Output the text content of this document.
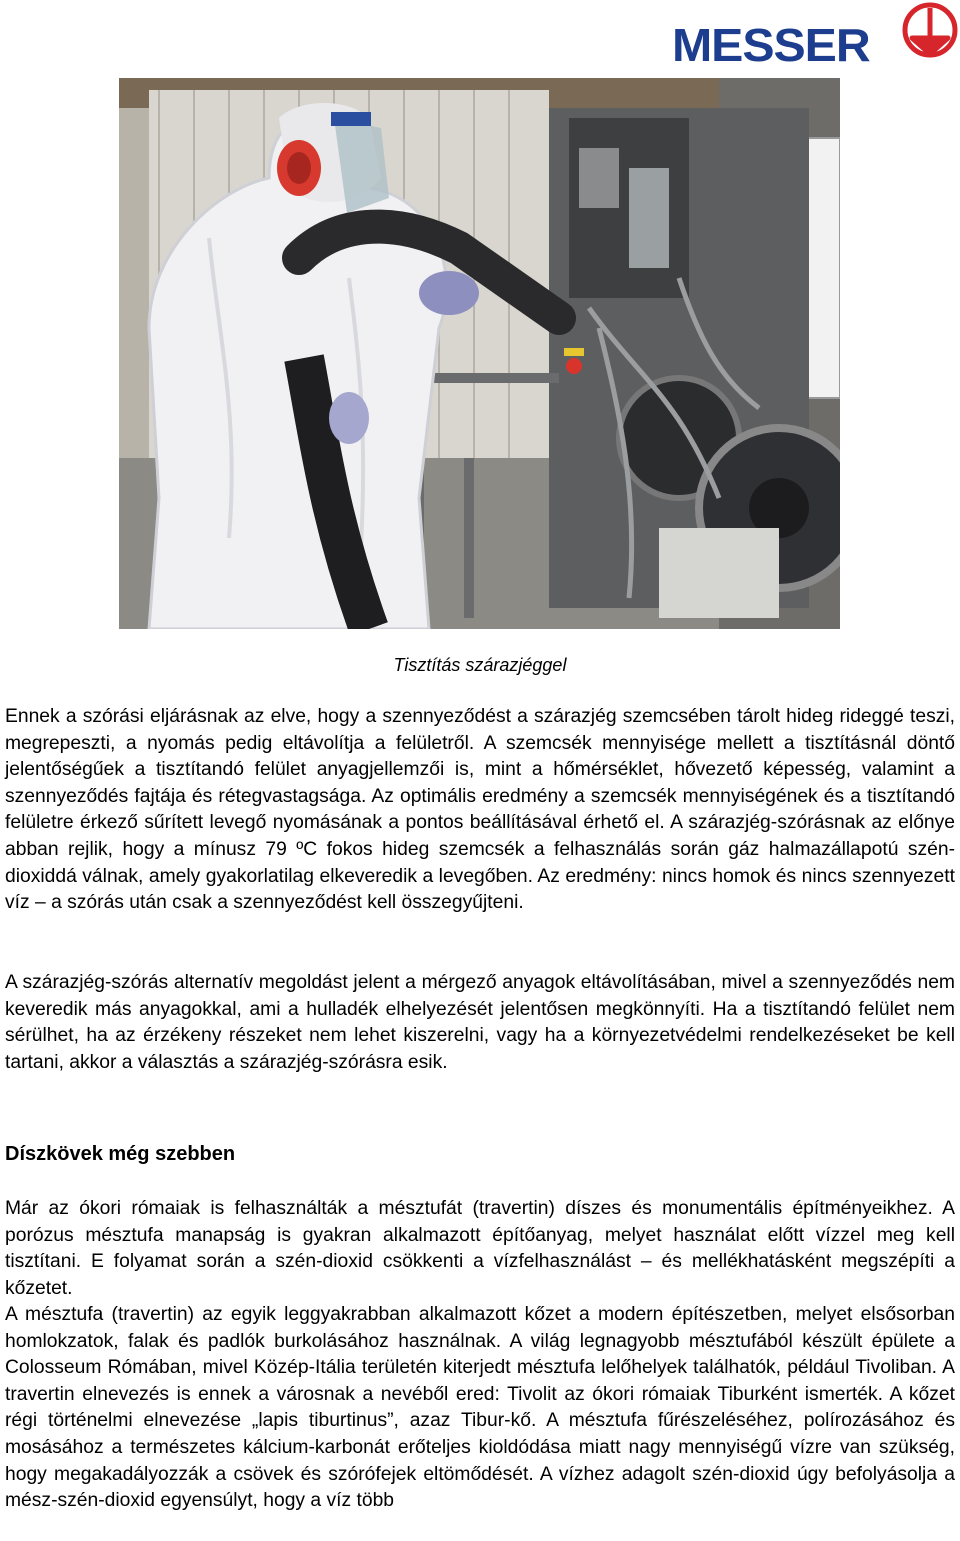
MESSER
Tisztítás szárazjéggel

Ennek a szórási eljárásnak az elve, hogy a szennyeződést a szárazjég szemcsében tárolt hideg rideggé teszi, megrepeszti, a nyomás pedig eltávolítja a felületről. A szemcsék mennyisége mellett a tisztításnál döntő jelentőségűek a tisztítandó felület anyagjellemzői is, mint a hőmérséklet, hővezető képesség, valamint a szennyeződés fajtája és rétegvastagsága. Az optimális eredmény a szemcsék mennyiségének és a tisztítandó felületre érkező sűrített levegő nyomásának a pontos beállításával érhető el. A szárazjég-szórásnak az előnye abban rejlik, hogy a mínusz 79 ºC fokos hideg szemcsék a felhasználás során gáz halmazállapotú szén-dioxiddá válnak, amely gyakorlatilag elkeveredik a levegőben. Az eredmény: nincs homok és nincs szennyezett víz – a szórás után csak a szennyeződést kell összegyűjteni.

A szárazjég-szórás alternatív megoldást jelent a mérgező anyagok eltávolításában, mivel a szennyeződés nem keveredik más anyagokkal, ami a hulladék elhelyezését jelentősen megkönnyíti. Ha a tisztítandó felület nem sérülhet, ha az érzékeny részeket nem lehet kiszerelni, vagy ha a környezetvédelmi rendelkezéseket be kell tartani, akkor a választás a szárazjég-szórásra esik.

Díszkövek még szebben

Már az ókori rómaiak is felhasználták a mésztufát (travertin) díszes és monumentális építményeikhez. A porózus mésztufa manapság is gyakran alkalmazott építőanyag, melyet használat előtt vízzel meg kell tisztítani. E folyamat során a szén-dioxid csökkenti a vízfelhasználást – és mellékhatásként megszépíti a kőzetet.

A mésztufa (travertin) az egyik leggyakrabban alkalmazott kőzet a modern építészetben, melyet elsősorban homlokzatok, falak és padlók burkolásához használnak. A világ legnagyobb mésztufából készült épülete a Colosseum Rómában, mivel Közép-Itália területén kiterjedt mésztufa lelőhelyek találhatók, például Tivoliban. A travertin elnevezés is ennek a városnak a nevéből ered: Tivolit az ókori rómaiak Tiburként ismerték. A kőzet régi történelmi elnevezése „lapis tiburtinus”, azaz Tibur-kő. A mésztufa fűrészeléséhez, polírozásához és mosásához a természetes kálcium-karbonát erőteljes kioldódása miatt nagy mennyiségű vízre van szükség, hogy megakadályozzák a csövek és szórófejek eltömődését. A vízhez adagolt szén-dioxid úgy befolyásolja a mész-szén-dioxid egyensúlyt, hogy a víz több
